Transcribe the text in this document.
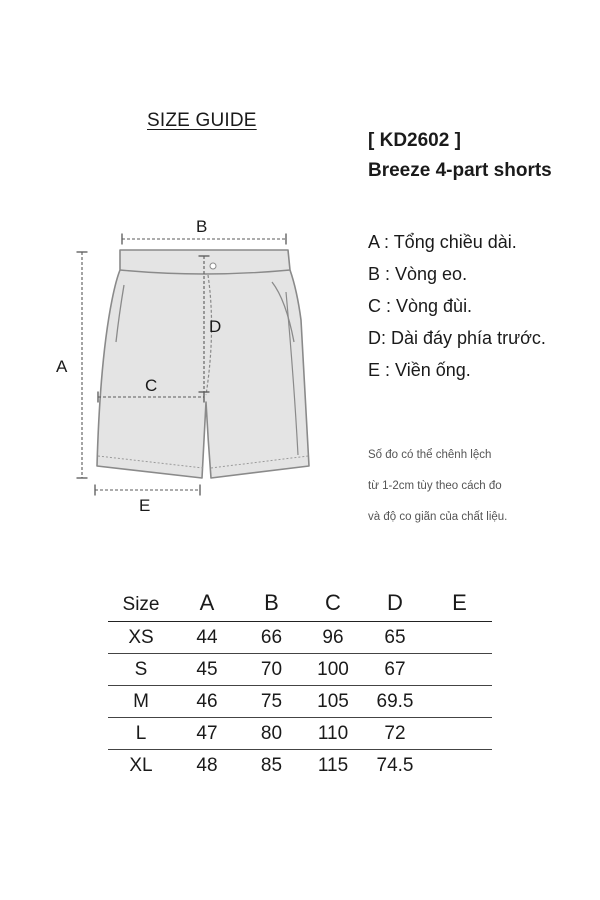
SIZE GUIDE
[ KD2602 ]
Breeze 4-part shorts
A
B
C
D
E
A : Tổng chiều dài.
B : Vòng eo.
C : Vòng đùi.
D: Dài đáy phía trước.
E : Viền ống.
Số đo có thể chênh lệch
từ 1-2cm tùy theo cách đo
và độ co giãn của chất liệu.
Size	A	B	C	D	E
XS	44	66	96	65	
S	45	70	100	67	
M	46	75	105	69.5	
L	47	80	110	72	
XL	48	85	115	74.5	
